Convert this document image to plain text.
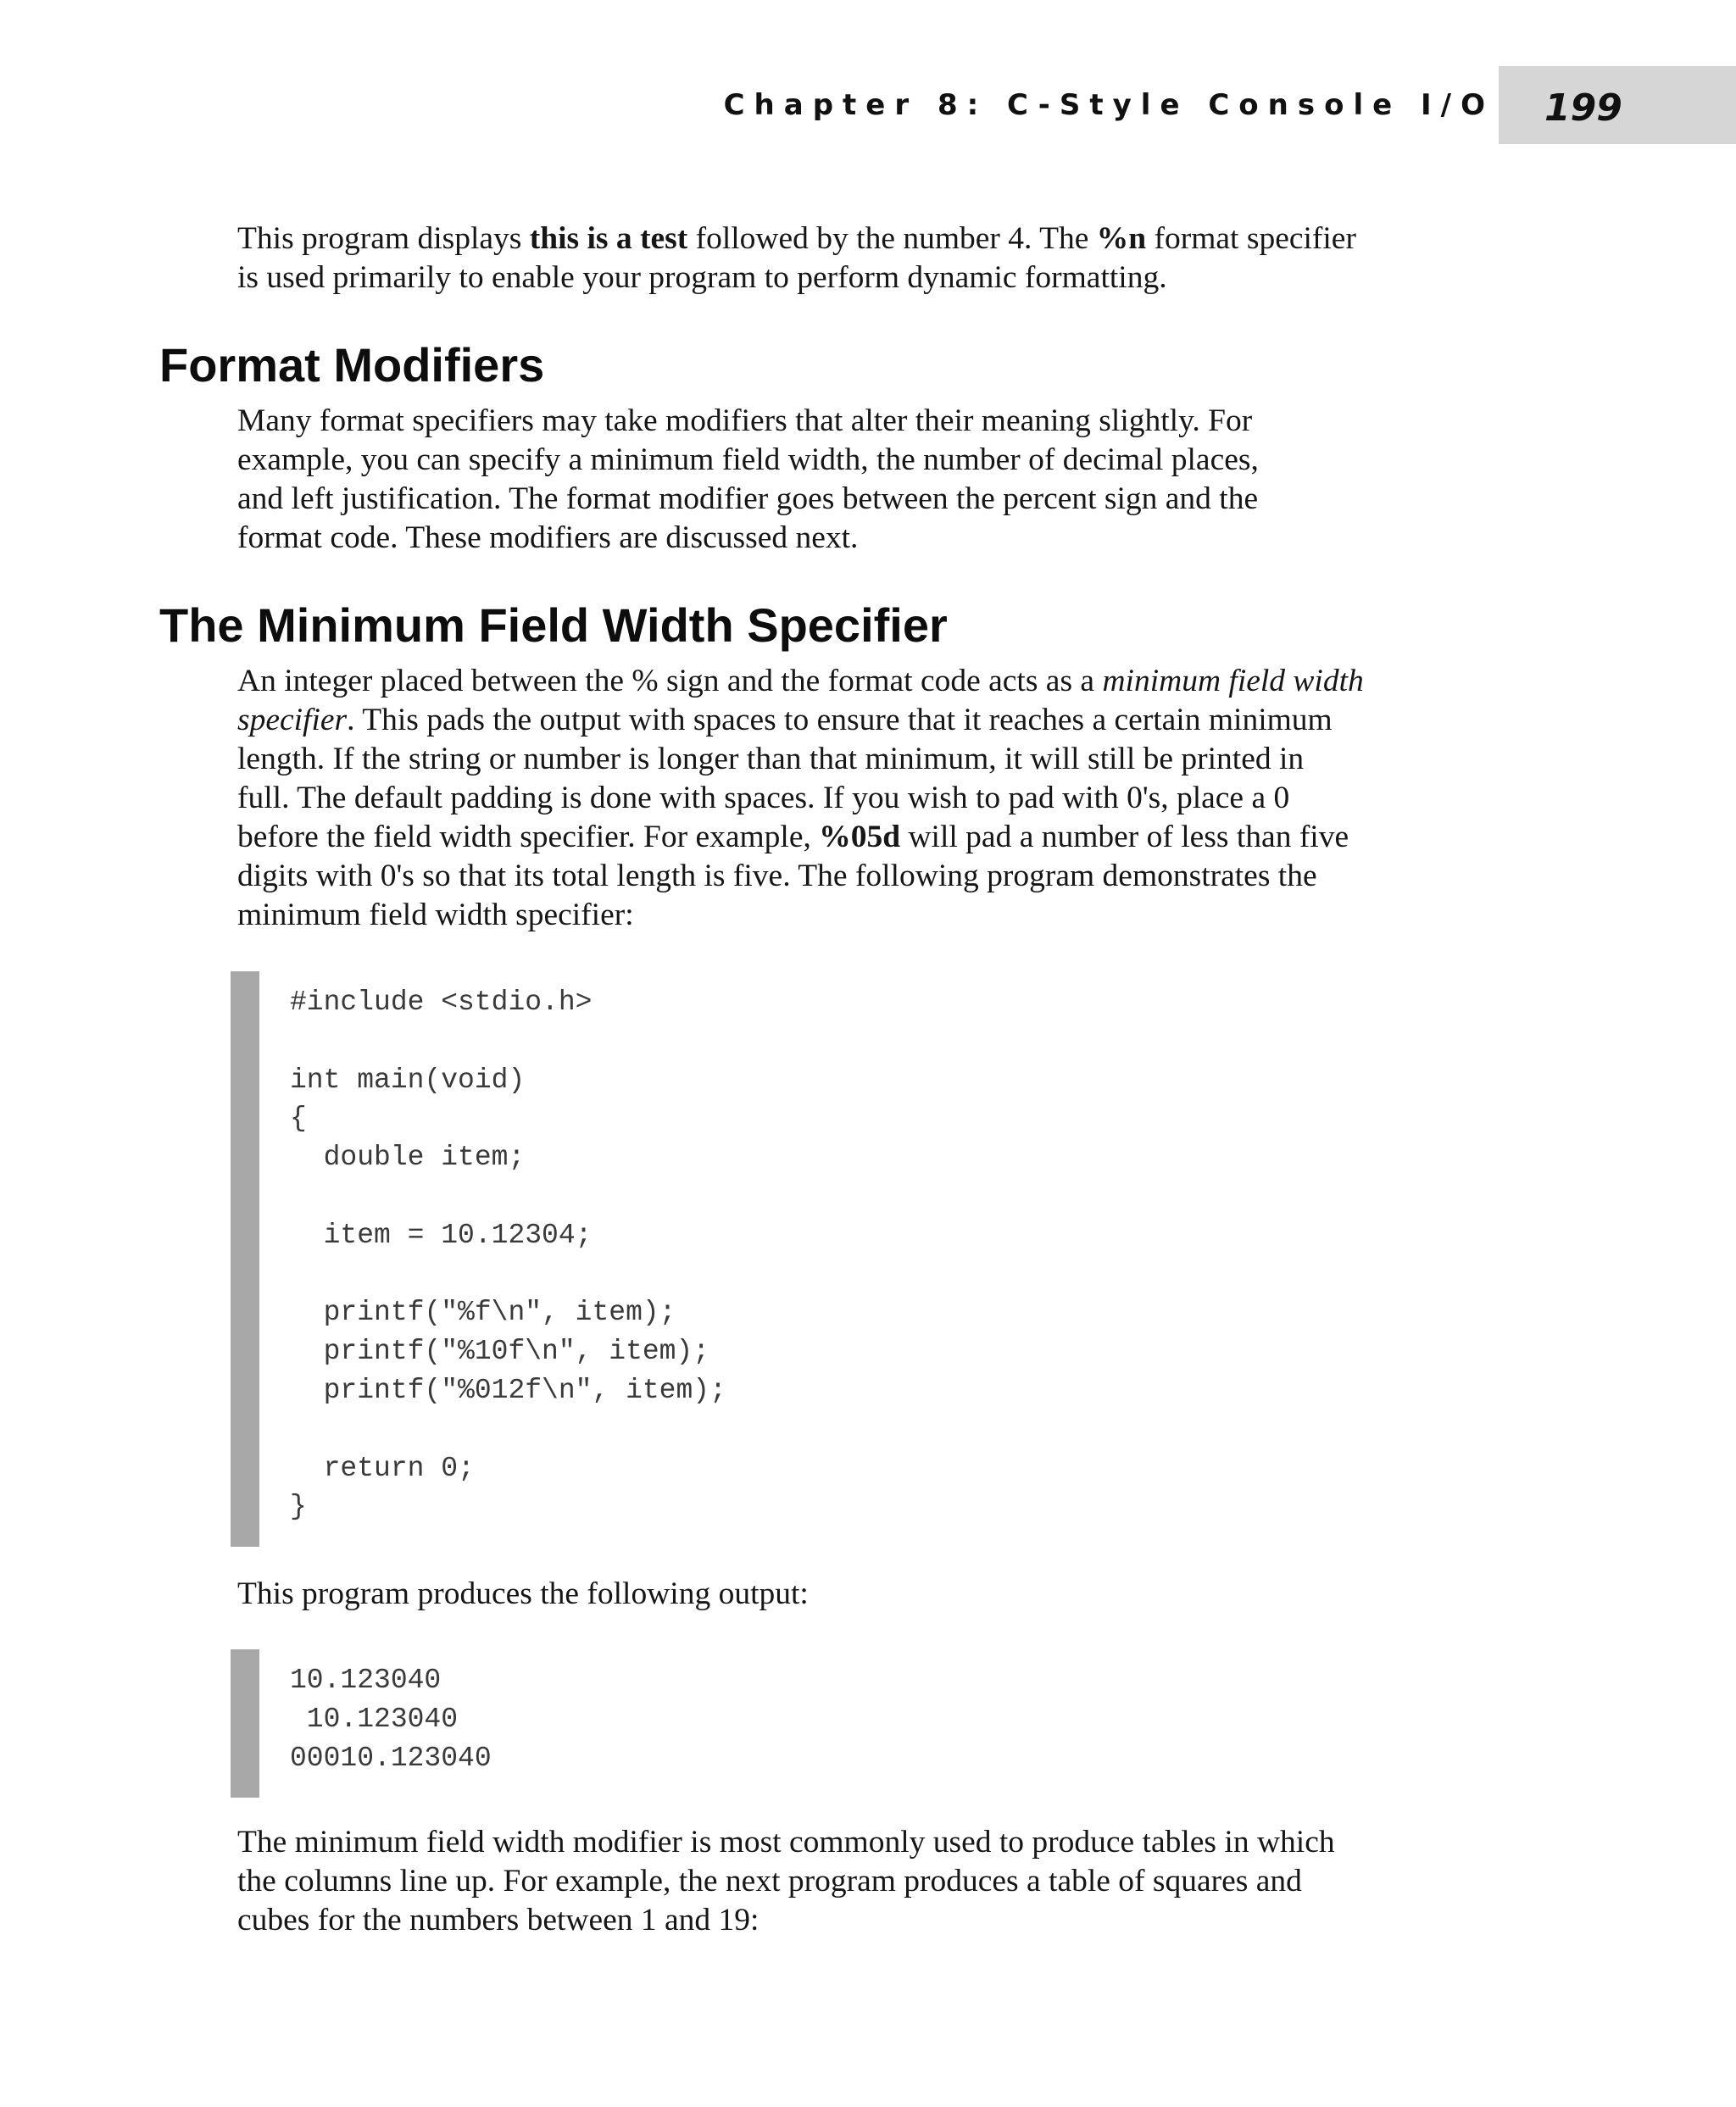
Chapter 8: C-Style Console I/O 199

This program displays this is a test followed by the number 4. The %n format specifier
is used primarily to enable your program to perform dynamic formatting.

Format Modifiers

Many format specifiers may take modifiers that alter their meaning slightly. For
example, you can specify a minimum field width, the number of decimal places,
and left justification. The format modifier goes between the percent sign and the
format code. These modifiers are discussed next.

The Minimum Field Width Specifier

An integer placed between the % sign and the format code acts as a minimum field width
specifier. This pads the output with spaces to ensure that it reaches a certain minimum
length. If the string or number is longer than that minimum, it will still be printed in
full. The default padding is done with spaces. If you wish to pad with 0's, place a 0
before the field width specifier. For example, %05d will pad a number of less than five
digits with 0's so that its total length is five. The following program demonstrates the
minimum field width specifier:

#include <stdio.h>
int main(void)
{
double item;
item = 10.12304;
printf("%f\n", item);
printf("%10f\n", item);
printf("%012f\n", item);
return 0;
}

This program produces the following output:

10.123040
10.123040
00010.123040

The minimum field width modifier is most commonly used to produce tables in which
the columns line up. For example, the next program produces a table of squares and
cubes for the numbers between 1 and 19:
